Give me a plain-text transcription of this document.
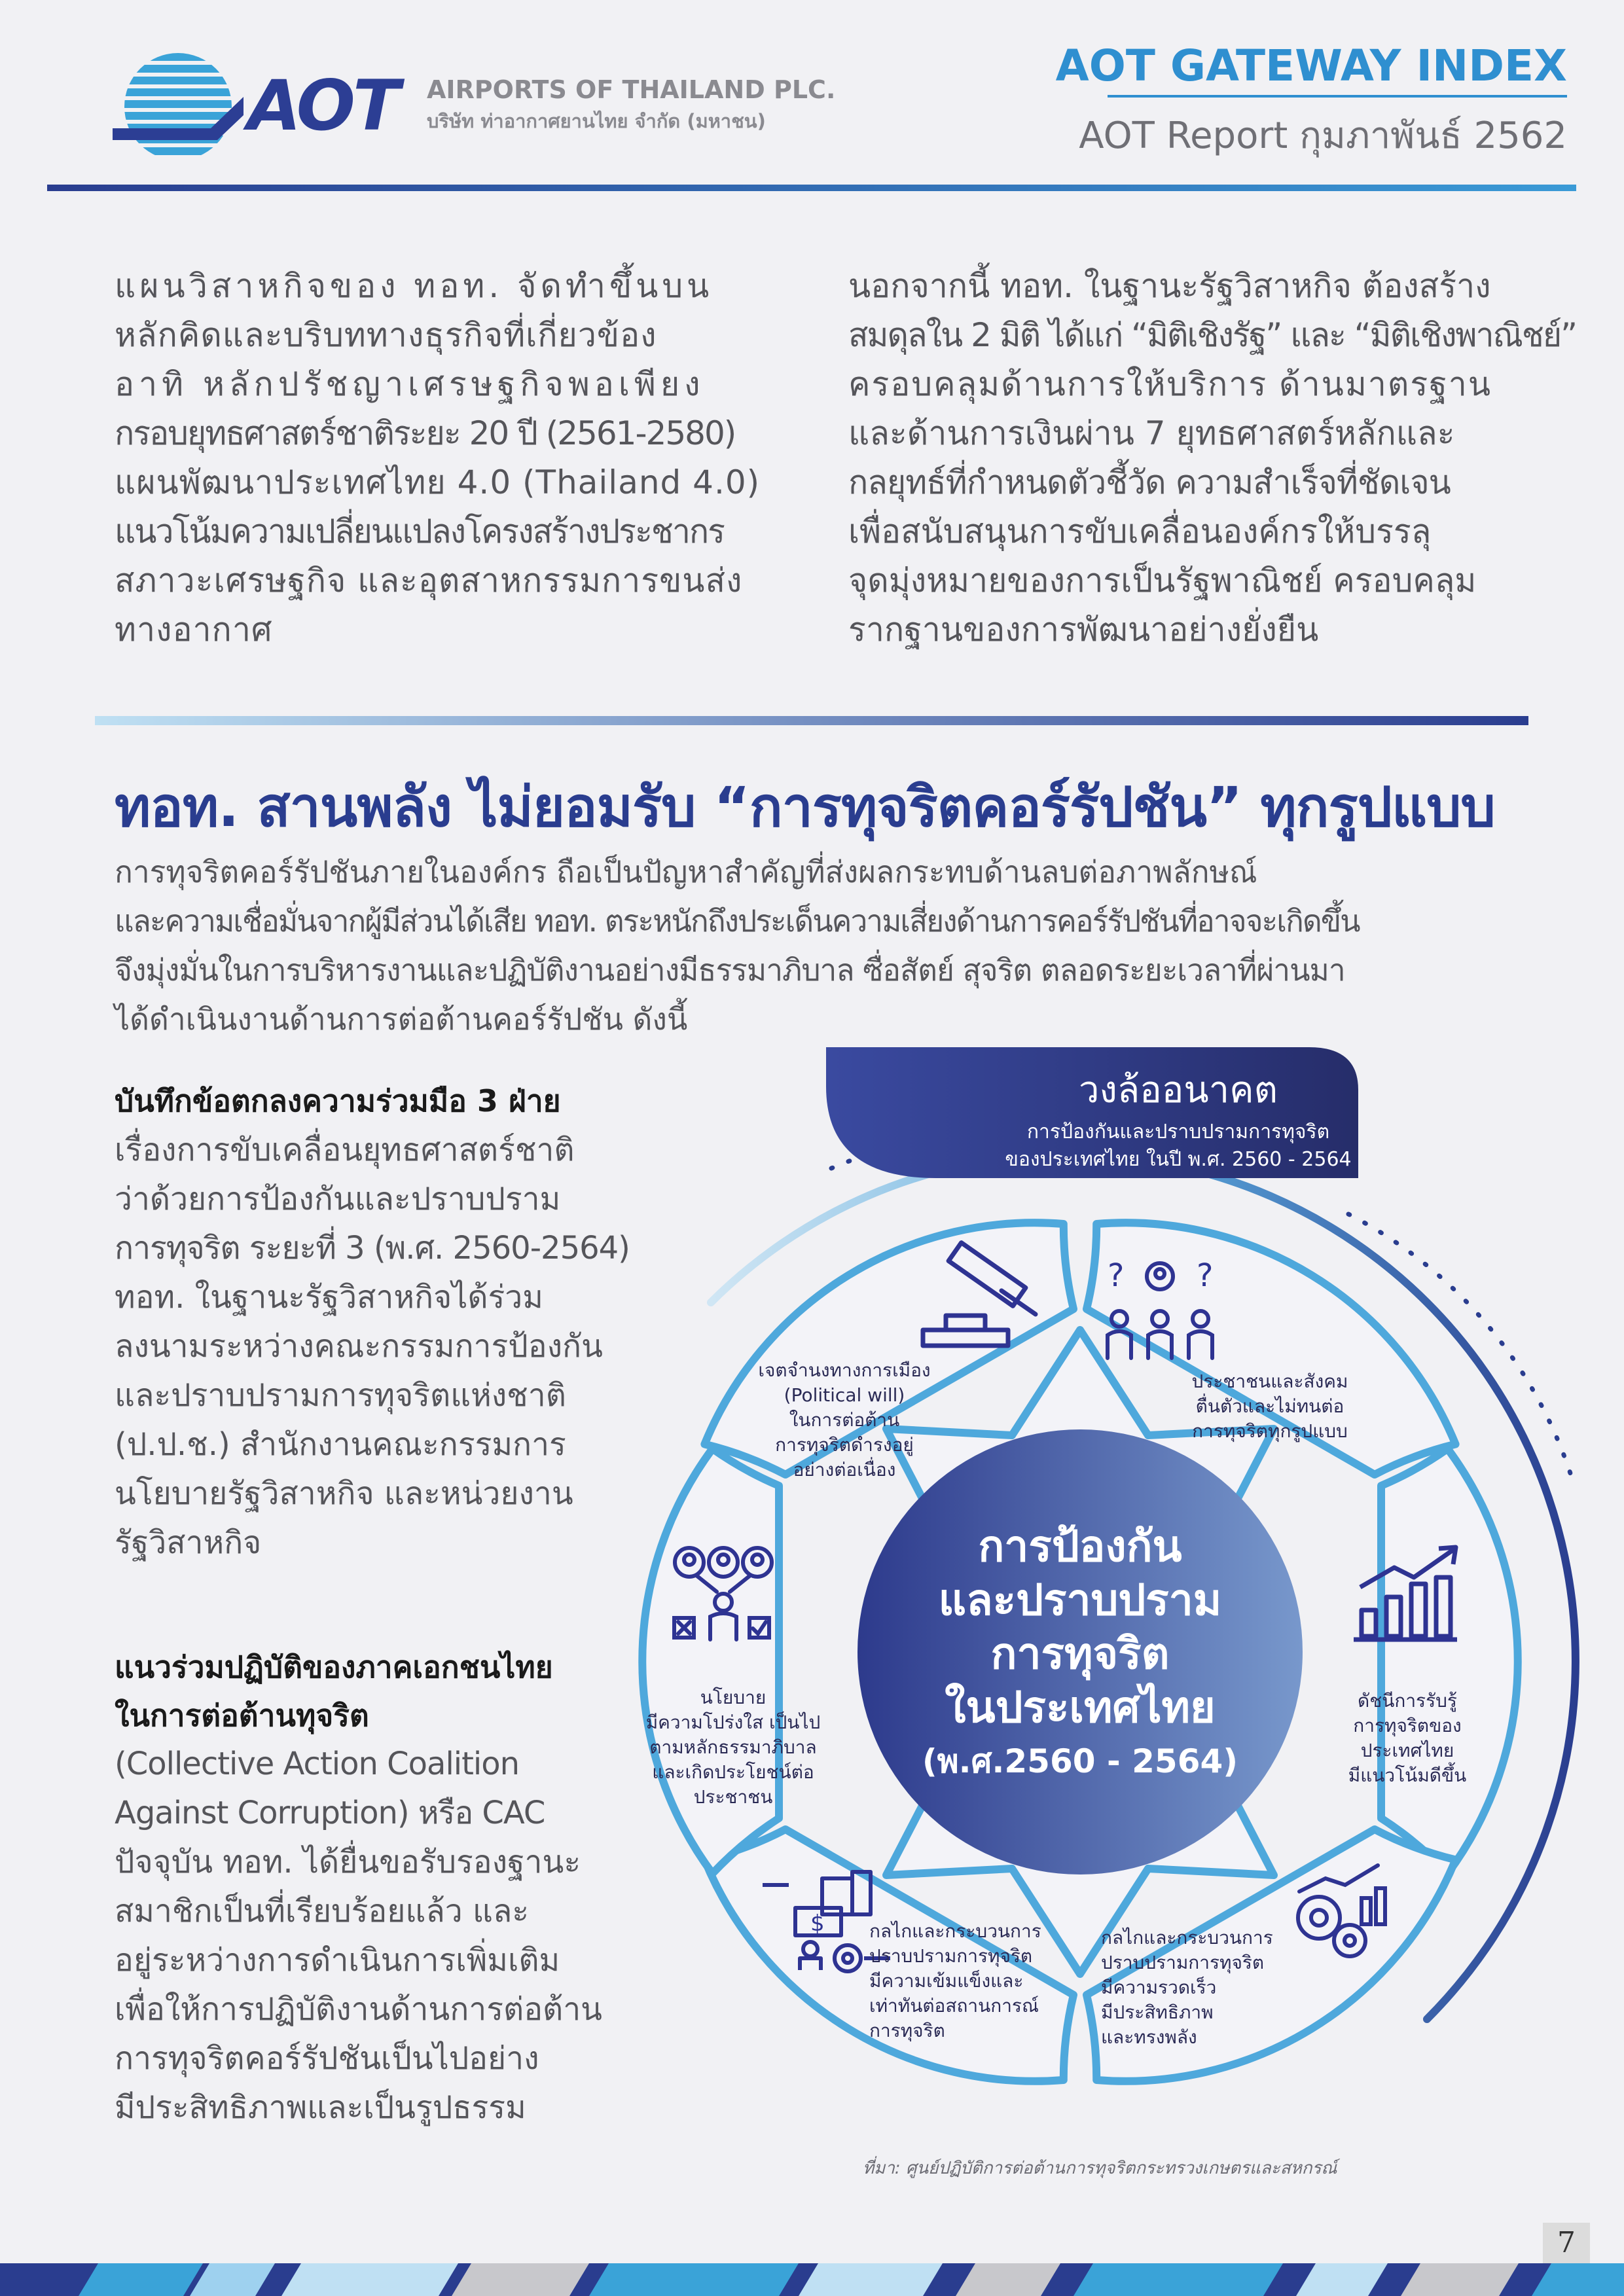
AOT AIRPORTS OF THAILAND PLC.
บริษัท ท่าอากาศยานไทย จำกัด (มหาชน)
AOT GATEWAY INDEX
AOT Report กุมภาพันธ์ 2562
แผนวิสาหกิจของ ทอท. จัดทำขึ้นบน
หลักคิดและบริบททางธุรกิจที่เกี่ยวข้อง
อาทิ หลักปรัชญาเศรษฐกิจพอเพียง
กรอบยุทธศาสตร์ชาติระยะ 20 ปี (2561-2580)
แผนพัฒนาประเทศไทย 4.0 (Thailand 4.0)
แนวโน้มความเปลี่ยนแปลงโครงสร้างประชากร
สภาวะเศรษฐกิจ และอุตสาหกรรมการขนส่ง
ทางอากาศ
นอกจากนี้ ทอท. ในฐานะรัฐวิสาหกิจ ต้องสร้าง
สมดุลใน 2 มิติ ได้แก่ “มิติเชิงรัฐ” และ “มิติเชิงพาณิชย์”
ครอบคลุมด้านการให้บริการ ด้านมาตรฐาน
และด้านการเงินผ่าน 7 ยุทธศาสตร์หลักและ
กลยุทธ์ที่กำหนดตัวชี้วัด ความสำเร็จที่ชัดเจน
เพื่อสนับสนุนการขับเคลื่อนองค์กรให้บรรลุ
จุดมุ่งหมายของการเป็นรัฐพาณิชย์ ครอบคลุม
รากฐานของการพัฒนาอย่างยั่งยืน
ทอท. สานพลัง ไม่ยอมรับ “การทุจริตคอร์รัปชัน” ทุกรูปแบบ
การทุจริตคอร์รัปชันภายในองค์กร ถือเป็นปัญหาสำคัญที่ส่งผลกระทบด้านลบต่อภาพลักษณ์
และความเชื่อมั่นจากผู้มีส่วนได้เสีย ทอท. ตระหนักถึงประเด็นความเสี่ยงด้านการคอร์รัปชันที่อาจจะเกิดขึ้น
จึงมุ่งมั่นในการบริหารงานและปฏิบัติงานอย่างมีธรรมาภิบาล ซื่อสัตย์ สุจริต ตลอดระยะเวลาที่ผ่านมา
ได้ดำเนินงานด้านการต่อต้านคอร์รัปชัน ดังนี้
บันทึกข้อตกลงความร่วมมือ 3 ฝ่าย
เรื่องการขับเคลื่อนยุทธศาสตร์ชาติ
ว่าด้วยการป้องกันและปราบปราม
การทุจริต ระยะที่ 3 (พ.ศ. 2560-2564)
ทอท. ในฐานะรัฐวิสาหกิจได้ร่วม
ลงนามระหว่างคณะกรรมการป้องกัน
และปราบปรามการทุจริตแห่งชาติ
(ป.ป.ช.) สำนักงานคณะกรรมการ
นโยบายรัฐวิสาหกิจ และหน่วยงาน
รัฐวิสาหกิจ
แนวร่วมปฏิบัติของภาคเอกชนไทย
ในการต่อต้านทุจริต
(Collective Action Coalition
Against Corruption) หรือ CAC
ปัจจุบัน ทอท. ได้ยื่นขอรับรองฐานะ
สมาชิกเป็นที่เรียบร้อยแล้ว และ
อยู่ระหว่างการดำเนินการเพิ่มเติม
เพื่อให้การปฏิบัติงานด้านการต่อต้าน
การทุจริตคอร์รัปชันเป็นไปอย่าง
มีประสิทธิภาพและเป็นรูปธรรม
? ?
$
วงล้ออนาคต
การป้องกันและปราบปรามการทุจริต
ของประเทศไทย ในปี พ.ศ. 2560 - 2564
การป้องกัน
และปราบปราม
การทุจริต
ในประเทศไทย
(พ.ศ.2560 - 2564)
เจตจำนงทางการเมือง
(Political will)
ในการต่อต้าน
การทุจริตดำรงอยู่
อย่างต่อเนื่อง
ประชาชนและสังคม
ตื่นตัวและไม่ทนต่อ
การทุจริตทุกรูปแบบ
ดัชนีการรับรู้
การทุจริตของ
ประเทศไทย
มีแนวโน้มดีขึ้น
กลไกและกระบวนการ
ปราบปรามการทุจริต
มีความรวดเร็ว
มีประสิทธิภาพ
และทรงพลัง
กลไกและกระบวนการ
ปราบปรามการทุจริต
มีความเข้มแข็งและ
เท่าทันต่อสถานการณ์
การทุจริต
นโยบาย
มีความโปร่งใส เป็นไป
ตามหลักธรรมาภิบาล
และเกิดประโยชน์ต่อ
ประชาชน
ที่มา: ศูนย์ปฏิบัติการต่อต้านการทุจริตกระทรวงเกษตรและสหกรณ์
7
